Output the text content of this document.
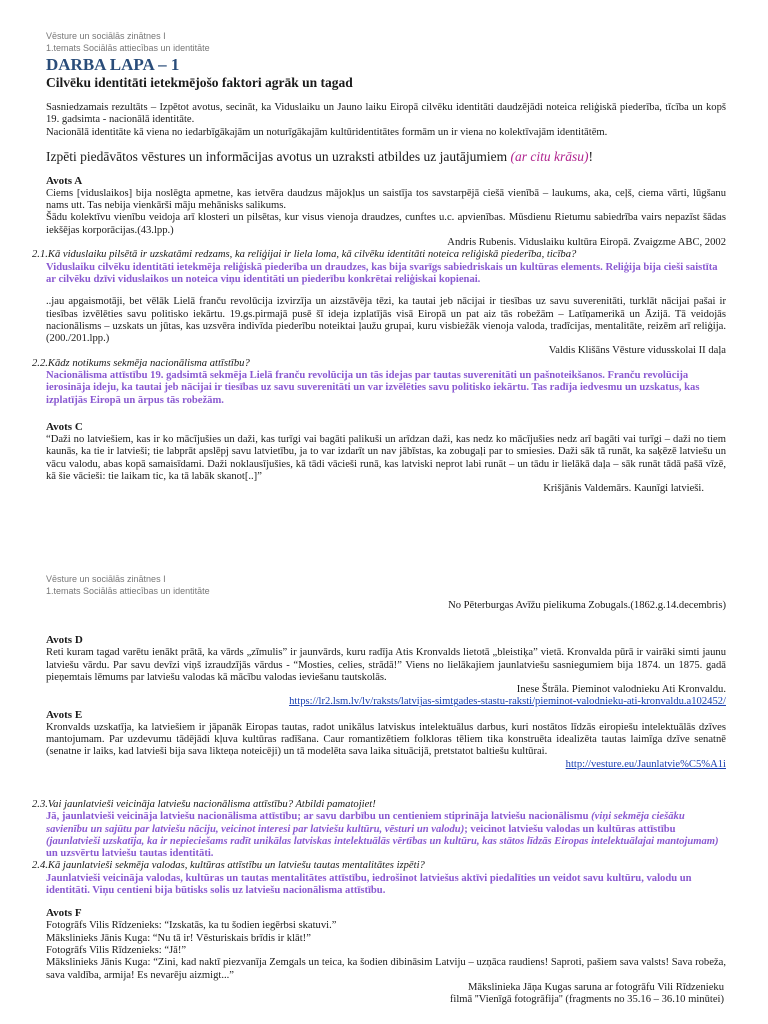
Vēsture un sociālās zinātnes I
1.temats Sociālās attiecības un identitāte
DARBA LAPA – 1
Cilvēku identitāti ietekmējošo faktori agrāk un tagad

Sasniedzamais rezultāts – Izpētot avotus, secināt, ka Viduslaiku un Jauno laiku Eiropā cilvēku identitāti daudzējādi noteica reliģiskā piederība, tīcība un kopš 19. gadsimta - nacionālā identitāte.

Nacionālā identitāte kā viena no iedarbīgākajām un noturīgākajām kultūridentitātes formām un ir viena no kolektīvajām identitātēm.

Izpēti piedāvātos vēstures un informācijas avotus un uzraksti atbildes uz jautājumiem (ar citu krāsu)!

Avots A

Ciems [viduslaikos] bija noslēgta apmetne, kas ietvēra daudzus mājokļus un saistīja tos savstarpējā ciešā vienībā – laukums, aka, ceļš, ciema vārti, lūgšanu nams utt. Tas nebija vienkārši māju mehānisks salikums.

Šādu kolektīvu vienību veidoja arī klosteri un pilsētas, kur visus vienoja draudzes, cunftes u.c. apvienības. Mūsdienu Rietumu sabiedrība vairs nepazīst šādas iekšējas korporācijas.(43.lpp.)

Andris Rubenis. Viduslaiku kultūra Eiropā. Zvaigzme ABC, 2002

2.1.Kā viduslaiku pilsētā ir uzskatāmi redzams, ka reliģijai ir liela loma, kā cilvēku identitāti noteica reliģiskā piederība, ticība?

Viduslaiku cilvēku identitāti ietekmēja reliģiskā piederība un draudzes, kas bija svarīgs sabiedriskais un kultūras elements. Reliģija bija cieši saistīta ar cilvēku dzīvi viduslaikos un noteica viņu identitāti un piederību konkrētai reliģiskai kopienai.

..jau apgaismotāji, bet vēlāk Lielā franču revolūcija izvirzīja un aizstāvēja tēzi, ka tautai jeb nācijai ir tiesības uz savu suverenitāti, turklāt nācijai pašai ir tiesības izvēlēties savu politisko iekārtu. 19.gs.pirmajā pusē šī ideja izplatījās visā Eiropā un pat aiz tās robežām – Latīņamerikā un Āzijā. Tā veidojās nacionālisms – uzskats un jūtas, kas uzsvēra indivīda piederību noteiktai ļaužu grupai, kuru visbiežāk vienoja valoda, tradīcijas, mentalitāte, reizēm arī reliģija.(200./201.lpp.)

Valdis Klišāns Vēsture vidusskolai II daļa

2.2.Kādz notikums sekmēja nacionālisma attīstību?

Nacionālisma attīstību 19. gadsimtā sekmēja Lielā franču revolūcija un tās idejas par tautas suverenitāti un pašnoteikšanos. Franču revolūcija ierosināja ideju, ka tautai jeb nācijai ir tiesības uz savu suverenitāti un var izvēlēties savu politisko iekārtu. Tas radīja iedvesmu un uzskatus, kas izplatījās Eiropā un ārpus tās robežām.

Avots C

“Daži no latviešiem, kas ir ko mācījušies un daži, kas turīgi vai bagāti palikuši un arīdzan daži, kas nedz ko mācījušies nedz arī bagāti vai turīgi – daži no tiem kaunās, ka tie ir latvieši; tie labprāt apslēpj savu latvietību, ja to var izdarīt un nav jābīstas, ka zobugaļi par to smiesies. Daži sāk tā runāt, ka saķēzē latviešu un vācu valodu, abas kopā samaisīdami. Daži noklausījušies, kā tādi vācieši runā, kas latviski neprot labi runāt – un tādu ir lielākā daļa – sāk runāt tādā pašā vīzē, kā šie vācieši: tie laikam tic, ka tā labāk skanot[..]”

Krišjānis Valdemārs. Kaunīgi latvieši.

Vēsture un sociālās zinātnes I
1.temats Sociālās attiecības un identitāte

No Pēterburgas Avīžu pielikuma Zobugals.(1862.g.14.decembris)

Avots D

Reti kuram tagad varētu ienākt prātā, ka vārds „zīmulis” ir jaunvārds, kuru radīja Atis Kronvalds lietotā „bleistiķa” vietā. Kronvalda pūrā ir vairāki simti jaunu latviešu vārdu. Par savu devīzi viņš izraudzījās vārdus - “Mosties, celies, strādā!” Viens no lielākajiem jaunlatviešu sasniegumiem bija 1874. un 1875. gadā pieņemtais lēmums par latviešu valodas kā mācību valodas ieviešanu tautskolās.

Inese Štrāla. Pieminot valodnieku Ati Kronvaldu.

https://lr2.lsm.lv/lv/raksts/latvijas-simtgades-stastu-raksti/pieminot-valodnieku-ati-kronvaldu.a102452/

Avots E

Kronvalds uzskatīja, ka latviešiem ir jāpanāk Eiropas tautas, radot unikālus latviskus intelektuālus darbus, kuri nostātos līdzās eiropiešu intelektuālās dzīves mantojumam. Par uzdevumu tādējādi kļuva kultūras radīšana. Caur romantizētiem folkloras tēliem tika konstruēta idealizēta tautas laimīga dzīve senatnē (senatne ir laiks, kad latvieši bija sava likteņa noteicēji) un tā modelēta sava laika situācijā, pretstatot baltiešu kultūrai.

http://vesture.eu/Jaunlatvie%C5%A1i

2.3.Vai jaunlatvieši veicināja latviešu nacionālisma attīstību? Atbildi pamatojiet!

Jā, jaunlatvieši veicināja latviešu nacionālisma attīstību; ar savu darbību un centieniem stiprināja latviešu nacionālismu (viņi sekmēja ciešāku savienību un sajūtu par latviešu nāciju, veicinot interesi par latviešu kultūru, vēsturi un valodu); veicinot latviešu valodas un kultūras attīstību (jaunlatvieši uzskatīja, ka ir nepieciešams radīt unikālas latviskas intelektuālās vērtības un kultūru, kas stātos līdzās Eiropas intelektuālajai mantojumam) un uzsvērtu latviešu tautas identitāti.

2.4.Kā jaunlatvieši sekmēja valodas, kultūras attīstību un latviešu tautas mentalitātes izpēti?

Jaunlatvieši veicināja valodas, kultūras un tautas mentalitātes attīstību, iedrošinot latviešus aktīvi piedalīties un veidot savu kultūru, valodu un identitāti. Viņu centieni bija būtisks solis uz latviešu nacionālisma attīstību.

Avots F

Fotogrāfs Vilis Rīdzenieks: “Izskatās, ka tu šodien iegērbsi skatuvi.”

Mākslinieks Jānis Kuga: “Nu tā ir! Vēsturiskais brīdis ir klāt!”

Fotogrāfs Vilis Rīdzenieks: “Jā!”

Mākslinieks Jānis Kuga: “Zini, kad naktī piezvanīja Zemgals un teica, ka šodien dibināsim Latviju – uzņāca raudiens! Saproti, pašiem sava valsts! Sava robeža, sava valdība, armija! Es nevarēju aizmigt...”

Mākslinieka Jāņa Kugas saruna ar fotogrāfu Vili Rīdzenieku

filmā ''Vienīgā fotogrāfija'' (fragments no 35.16 – 36.10 minūtei)
